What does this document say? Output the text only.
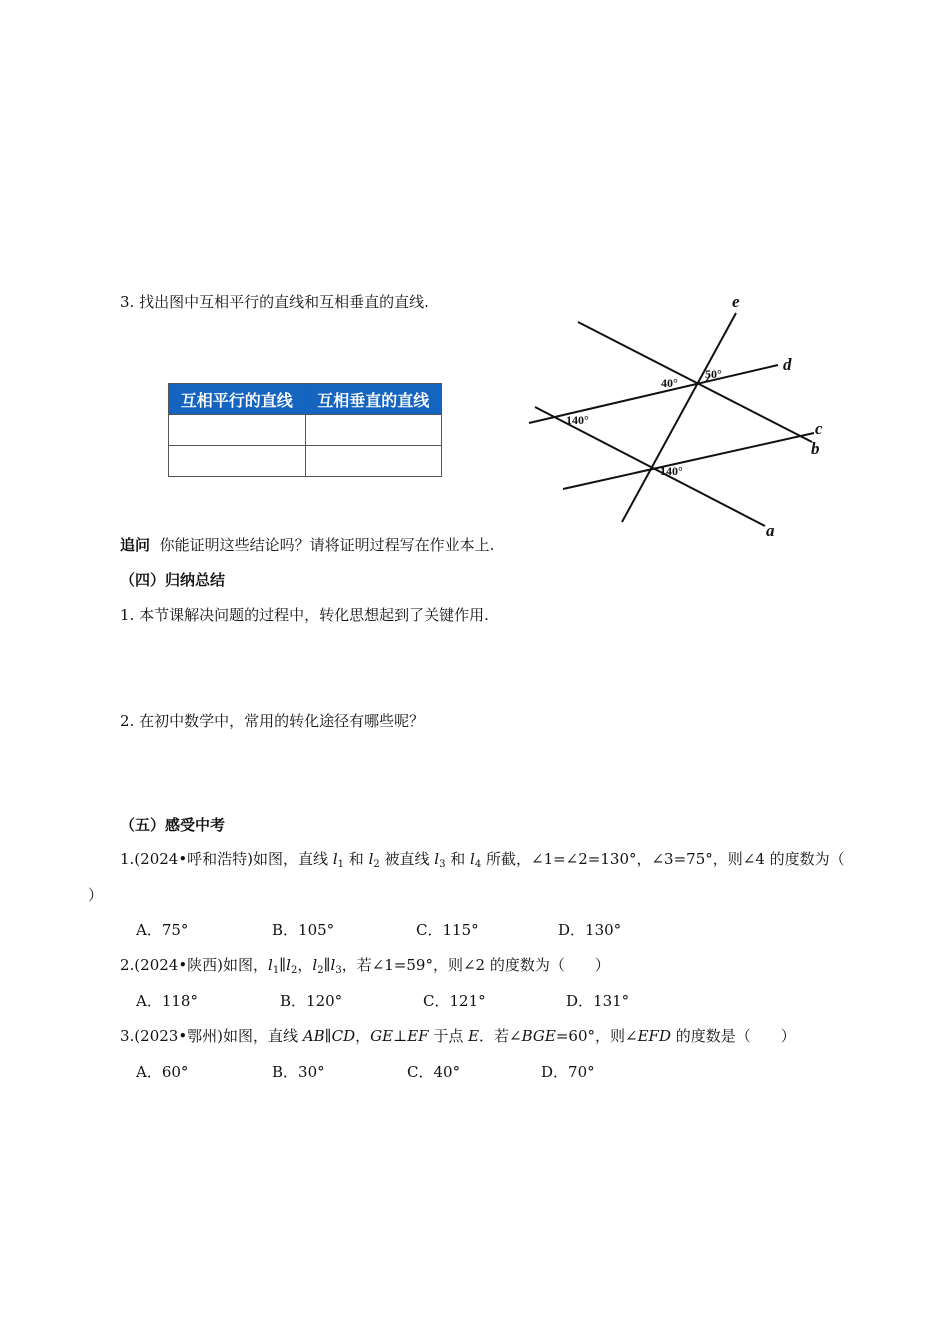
3. 找出图中互相平行的直线和互相垂直的直线.
互相平行的直线	互相垂直的直线

e
d
c
b
a
40°
50°
140°
140°
追问 你能证明这些结论吗？请将证明过程写在作业本上.
（四）归纳总结
1. 本节课解决问题的过程中，转化思想起到了关键作用.
2. 在初中数学中，常用的转化途径有哪些呢？
（五）感受中考
1.(2024•呼和浩特)如图，直线 $l_1$ 和 $l_2$ 被直线 $l_3$ 和 $l_4$ 所截，∠1=∠2=130°，∠3=75°，则∠4 的度数为（
）
A．75°	B．105°	C．115°	D．130°
2.(2024•陕西)如图，$l_1\parallel l_2$，$l_2\parallel l_3$，若∠1=59°，则∠2 的度数为（　　）
A．118°	B．120°	C．121°	D．131°
3.(2023•鄂州)如图，直线 AB∥CD，GE⊥EF 于点 E．若∠BGE=60°，则∠EFD 的度数是（　　）
A．60°	B．30°	C．40°	D．70°
